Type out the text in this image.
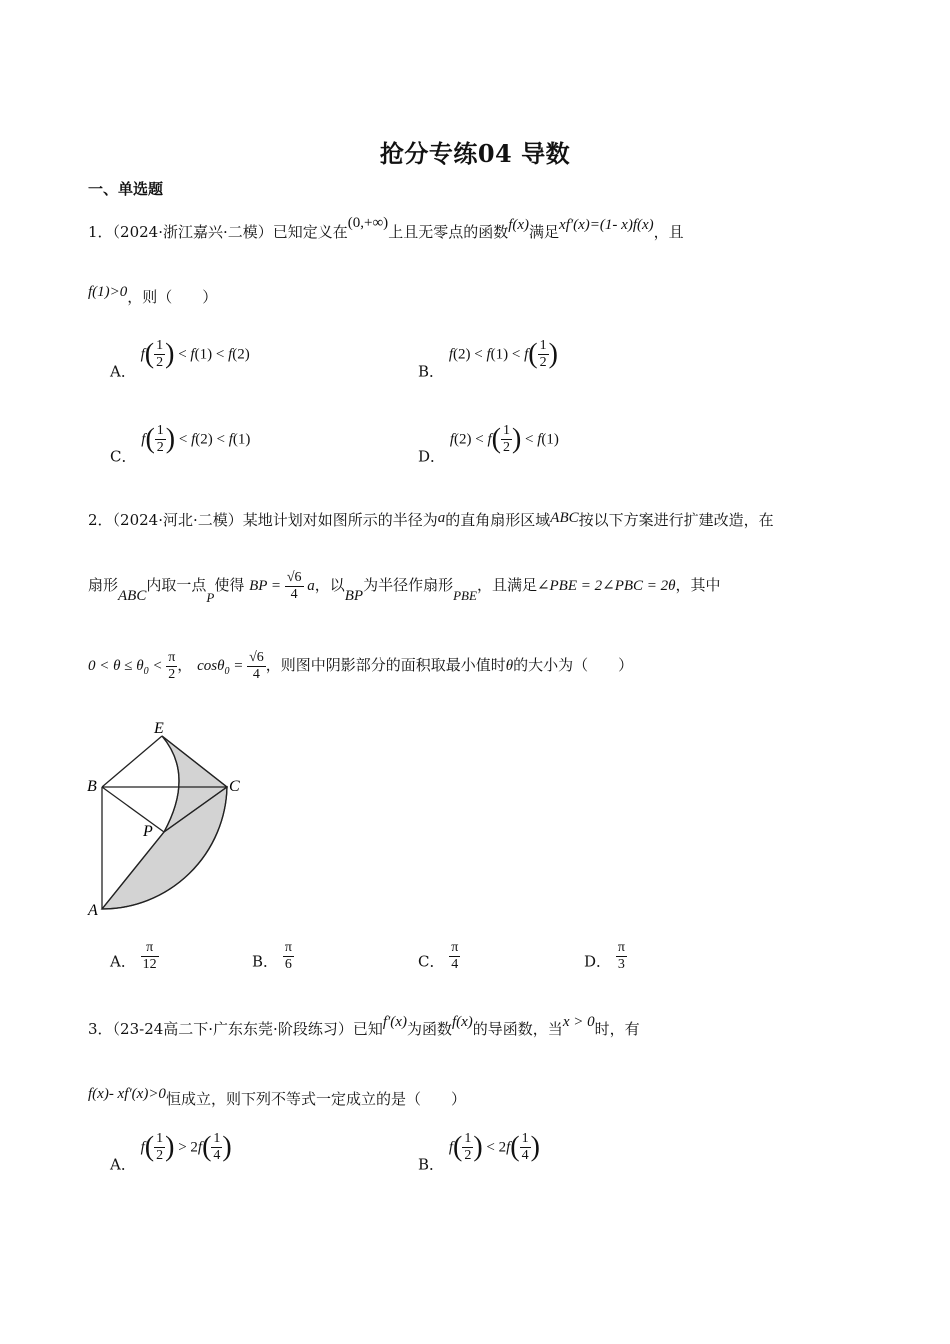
抢分专练04 导数
一、单选题
1．（2024·浙江嘉兴·二模）已知定义在(0,+∞)上且无零点的函数f(x)满足xf′(x)=(1- x)f(x)，且
f(1)>0，则（　　）
A． $f( \frac{1}{2}$ ) < f(1) < f(2)
B． $f(2) < f(1) < f( \frac{1}{2}$ )
C． $f( \frac{1}{2}$ ) < f(2) < f(1)
D． $f(2) < f( \frac{1}{2}$ ) < f(1)
2．（2024·河北·二模）某地计划对如图所示的半径为a的直角扇形区域ABC按以下方案进行扩建改造，在
扇形ABC内取一点P使得 BP = $\frac{√6}{4}$ a，以BP为半径作扇形PBE，且满足∠PBE = 2∠PBC = 2θ，其中
$0 < \theta \le \theta_0 < \frac{\pi}{2}$ ， $\cos\theta_0 = \frac{√6}{4}$ ，则图中阴影部分的面积取最小值时θ的大小为（　　）
E
B	C
P
A
A． $\frac{\pi}{12}$	B． $\frac{\pi}{6}$	C． $\frac{\pi}{4}$	D． $\frac{\pi}{3}$
3．（23-24高二下·广东东莞·阶段练习）已知f′(x)为函数f(x)的导函数，当x > 0时，有
f(x)- xf′(x)>0恒成立，则下列不等式一定成立的是（　　）
A． $f( \frac{1}{2}$ ) > $2f( \frac{1}{4}$ )
B． $f( \frac{1}{2}$ ) < $2f( \frac{1}{4}$ )
